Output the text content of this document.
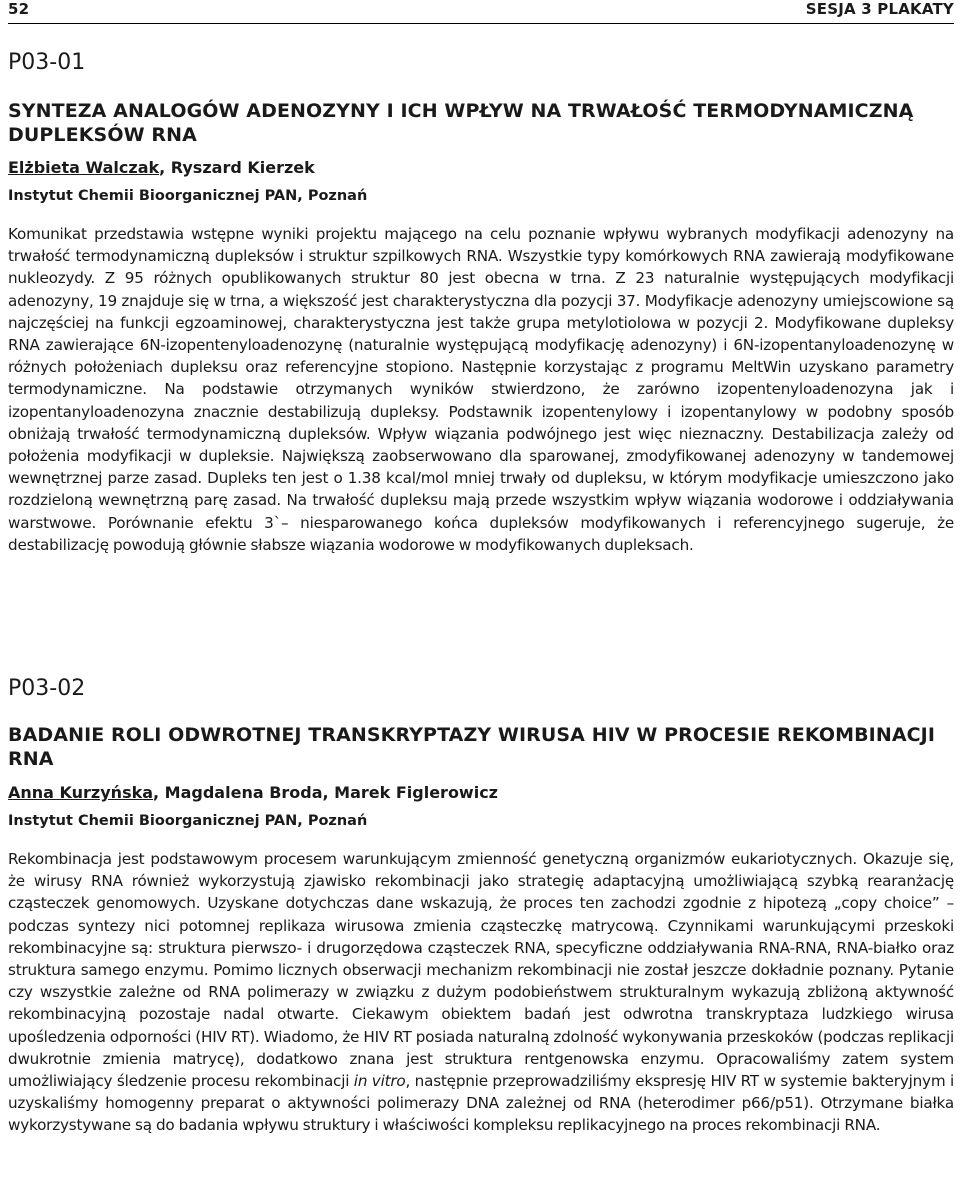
52	SESJA 3 PLAKATY
P03-01
SYNTEZA ANALOGÓW ADENOZYNY I ICH WPŁYW NA TRWAŁOŚĆ TERMODYNAMICZNĄ DUPLEKSÓW RNA
Elżbieta Walczak, Ryszard Kierzek
Instytut Chemii Bioorganicznej PAN, Poznań

Komunikat przedstawia wstępne wyniki projektu mającego na celu poznanie wpływu wybranych modyfikacji adenozyny na trwałość termodynamiczną dupleksów i struktur szpilkowych RNA. Wszystkie typy komórkowych RNA zawierają modyfikowane nukleozydy. Z 95 różnych opublikowanych struktur 80 jest obecna w trna. Z 23 naturalnie występujących modyfikacji adenozyny, 19 znajduje się w trna, a większość jest charakterystyczna dla pozycji 37. Modyfikacje adenozyny umiejscowione są najczęściej na funkcji egzoaminowej, charakterystyczna jest także grupa metylotiolowa w pozycji 2. Modyfikowane dupleksy RNA zawierające 6N-izopentenyloadenozynę (naturalnie występującą modyfikację adenozyny) i 6N-izopentanyloadenozynę w różnych położeniach dupleksu oraz referencyjne stopiono. Następnie korzystając z programu MeltWin uzyskano parametry termodynamiczne. Na podstawie otrzymanych wyników stwierdzono, że zarówno izopentenyloadenozyna jak i izopentanyloadenozyna znacznie destabilizują dupleksy. Podstawnik izopentenylowy i izopentanylowy w podobny sposób obniżają trwałość termodynamiczną dupleksów. Wpływ wiązania podwójnego jest więc nieznaczny. Destabilizacja zależy od położenia modyfikacji w dupleksie. Największą zaobserwowano dla sparowanej, zmodyfikowanej adenozyny w tandemowej wewnętrznej parze zasad. Dupleks ten jest o 1.38 kcal/mol mniej trwały od dupleksu, w którym modyfikacje umieszczono jako rozdzieloną wewnętrzną parę zasad. Na trwałość dupleksu mają przede wszystkim wpływ wiązania wodorowe i oddziaływania warstwowe. Porównanie efektu 3`– niesparowanego końca dupleksów modyfikowanych i referencyjnego sugeruje, że destabilizację powodują głównie słabsze wiązania wodorowe w modyfikowanych dupleksach.

P03-02
BADANIE ROLI ODWROTNEJ TRANSKRYPTAZY WIRUSA HIV W PROCESIE REKOMBINACJI RNA
Anna Kurzyńska, Magdalena Broda, Marek Figlerowicz
Instytut Chemii Bioorganicznej PAN, Poznań

Rekombinacja jest podstawowym procesem warunkującym zmienność genetyczną organizmów eukariotycznych. Okazuje się, że wirusy RNA również wykorzystują zjawisko rekombinacji jako strategię adaptacyjną umożliwiającą szybką rearanżację cząsteczek genomowych. Uzyskane dotychczas dane wskazują, że proces ten zachodzi zgodnie z hipotezą „copy choice” – podczas syntezy nici potomnej replikaza wirusowa zmienia cząsteczkę matrycową. Czynnikami warunkującymi przeskoki rekombinacyjne są: struktura pierwszo- i drugorzędowa cząsteczek RNA, specyficzne oddziaływania RNA-RNA, RNA-białko oraz struktura samego enzymu. Pomimo licznych obserwacji mechanizm rekombinacji nie został jeszcze dokładnie poznany. Pytanie czy wszystkie zależne od RNA polimerazy w związku z dużym podobieństwem strukturalnym wykazują zbliżoną aktywność rekombinacyjną pozostaje nadal otwarte. Ciekawym obiektem badań jest odwrotna transkryptaza ludzkiego wirusa upośledzenia odporności (HIV RT). Wiadomo, że HIV RT posiada naturalną zdolność wykonywania przeskoków (podczas replikacji dwukrotnie zmienia matrycę), dodatkowo znana jest struktura rentgenowska enzymu. Opracowaliśmy zatem system umożliwiający śledzenie procesu rekombinacji in vitro, następnie przeprowadziliśmy ekspresję HIV RT w systemie bakteryjnym i uzyskaliśmy homogenny preparat o aktywności polimerazy DNA zależnej od RNA (heterodimer p66/p51). Otrzymane białka wykorzystywane są do badania wpływu struktury i właściwości kompleksu replikacyjnego na proces rekombinacji RNA.
